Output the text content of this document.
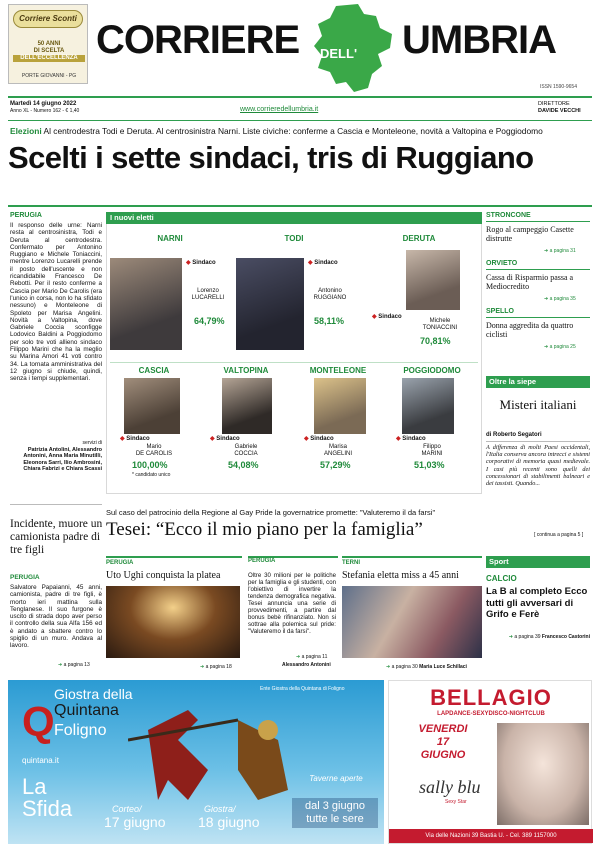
Corriere Sconti
50 ANNI
DI SCELTA
DELL'ECCELLENZA
PORTE GIOVANNI - PG
CORRIERE DELL' UMBRIA
ISSN 1590-9654
Martedì 14 giugno 2022
Anno XL - Numero 162 - € 1,40	www.corrieredellumbria.it
DIRETTORE
DAVIDE VECCHI
Elezioni Al centrodestra Todi e Deruta. Al centrosinistra Narni. Liste civiche: conferme a Cascia e Monteleone, novità a Valtopina e Poggiodomo
Scelti i sette sindaci, tris di Ruggiano
PERUGIA
Il responso delle urne: Narni resta al centrosinistra, Todi e Deruta al centrodestra. Confermato per Antonino Ruggiano e Michele Toniaccini, mentre Lorenzo Lucarelli prende il posto dell'uscente e non ricandidabile Francesco De Rebotti. Per il resto conferme a Cascia per Mario De Carolis (era l'unico in corsa, non lo ha sfidato nessuno) e Monteleone di Spoleto per Marisa Angelini. Novità a Valtopina, dove Gabriele Coccia sconfigge Lodovico Baldini a Poggiodomo per solo tre voti allieno sindaco Filippo Marini che ha la meglio su Marina Amori 41 voti contro 34. La tornata amministrativa del 12 giugno si chiude, quindi, senza i tempi supplementari.
servizi di
Patrizia Antolini, Alessandro Antonini, Anna Maria Minutilli, Eleonora Sarri, Ilio Ambrosini, Chiara Fabrizi e Chiara Scassi
I nuovi eletti
NARNI
◆ Sindaco
Lorenzo
LUCARELLI
64,79%
TODI
◆ Sindaco
Antonino
RUGGIANO
58,11%
DERUTA
◆ Sindaco
Michele
TONIACCINI
70,81%
CASCIA
◆ Sindaco
Mario
DE CAROLIS
100,00%
* candidato unico
VALTOPINA
◆ Sindaco
Gabriele
COCCIA
54,08%
MONTELEONE
◆ Sindaco
Marisa
ANGELINI
57,29%
POGGIODOMO
◆ Sindaco
Filippo
MARINI
51,03%
STRONCONE
Rogo al campeggio Casette distrutte
➜ a pagina 31
ORVIETO
Cassa di Risparmio passa a Mediocredito
➜ a pagina 35
SPELLO
Donna aggredita da quattro ciclisti
➜ a pagina 25
Oltre la siepe
Misteri italiani
di Roberto Segatori
A differenza di molti Paesi occidentali, l'Italia conserva ancora intrecci e sistemi corporativi di memoria quasi medievale. I casi più recenti sono quelli dei concessionari di stabilimenti balneari e dei tassisti. Quando...
[ continua a pagina 5 ]
Sport
CALCIO
La B al completo Ecco tutti gli avversari di Grifo e Ferè
➜ a pagina 39 Francesco Castorini
Incidente, muore un camionista padre di tre figli
PERUGIA
Salvatore Papaianni, 45 anni, camionista, padre di tre figli, è morto ieri mattina sulla Tenglanese. Il suo furgone è uscito di strada dopo aver perso il controllo della sua Alfa 156 ed è andato a sbattere contro lo spiglio di un muro. Andava al lavoro.
➜ a pagina 13
Sul caso del patrocinio della Regione al Gay Pride la governatrice promette: "Valuteremo il da farsi"
Tesei: “Ecco il mio piano per la famiglia”
PERUGIA
Uto Ughi conquista la platea
➜ a pagina 18
PERUGIA
Oltre 30 milioni per le politiche per la famiglia e gli studenti, con l'obiettivo di invertire la tendenza demografica negativa. Tesei annuncia una serie di provvedimenti, a partire dal bonus bebè rifinanziato. Non si sottrae alla polemica sul pride: "Valuteremo il da farsi".
➜ a pagina 11
Alessandro Antonini
TERNI
Stefania eletta miss a 45 anni
➜ a pagina 30 Maria Luce Schillaci
Giostra della
Q Quintana
Foligno
quintana.it
La
Sfida	Corteo/
17 giugno
Giostra/
18 giugno
Taverne aperte
dal 3 giugno
tutte le sere
Ente Giostra della Quintana di Foligno	BELLAGIO
LAPDANCE-SEXYDISCO-NIGHTCLUB
VENERDI
17
GIUGNO
sally blu
Sexy Star
Via delle Nazioni 39 Bastia U. - Cel. 389 1157000
